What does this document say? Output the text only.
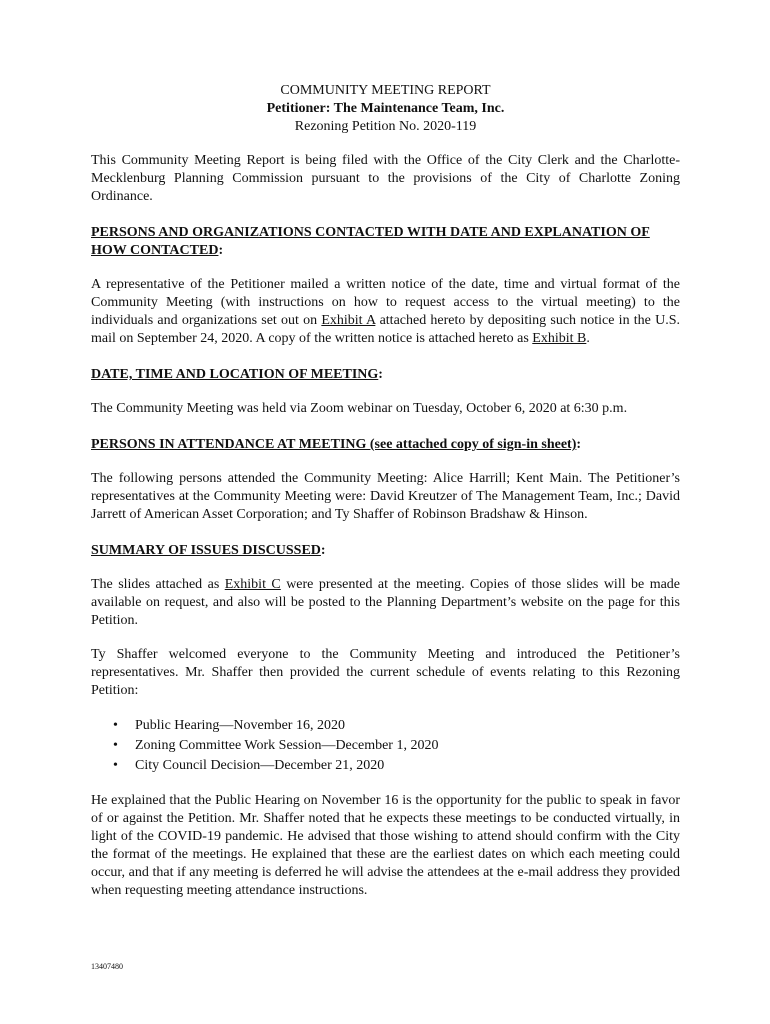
COMMUNITY MEETING REPORT
Petitioner: The Maintenance Team, Inc.
Rezoning Petition No. 2020-119

This Community Meeting Report is being filed with the Office of the City Clerk and the Charlotte-Mecklenburg Planning Commission pursuant to the provisions of the City of Charlotte Zoning Ordinance.

PERSONS AND ORGANIZATIONS CONTACTED WITH DATE AND EXPLANATION OF HOW CONTACTED:

A representative of the Petitioner mailed a written notice of the date, time and virtual format of the Community Meeting (with instructions on how to request access to the virtual meeting) to the individuals and organizations set out on Exhibit A attached hereto by depositing such notice in the U.S. mail on September 24, 2020. A copy of the written notice is attached hereto as Exhibit B.

DATE, TIME AND LOCATION OF MEETING:

The Community Meeting was held via Zoom webinar on Tuesday, October 6, 2020 at 6:30 p.m.

PERSONS IN ATTENDANCE AT MEETING (see attached copy of sign-in sheet):

The following persons attended the Community Meeting: Alice Harrill; Kent Main. The Petitioner’s representatives at the Community Meeting were: David Kreutzer of The Management Team, Inc.; David Jarrett of American Asset Corporation; and Ty Shaffer of Robinson Bradshaw & Hinson.

SUMMARY OF ISSUES DISCUSSED:

The slides attached as Exhibit C were presented at the meeting. Copies of those slides will be made available on request, and also will be posted to the Planning Department’s website on the page for this Petition.

Ty Shaffer welcomed everyone to the Community Meeting and introduced the Petitioner’s representatives. Mr. Shaffer then provided the current schedule of events relating to this Rezoning Petition:

• Public Hearing—November 16, 2020
• Zoning Committee Work Session—December 1, 2020
• City Council Decision—December 21, 2020

He explained that the Public Hearing on November 16 is the opportunity for the public to speak in favor of or against the Petition. Mr. Shaffer noted that he expects these meetings to be conducted virtually, in light of the COVID-19 pandemic. He advised that those wishing to attend should confirm with the City the format of the meetings. He explained that these are the earliest dates on which each meeting could occur, and that if any meeting is deferred he will advise the attendees at the e-mail address they provided when requesting meeting attendance instructions.

13407480
